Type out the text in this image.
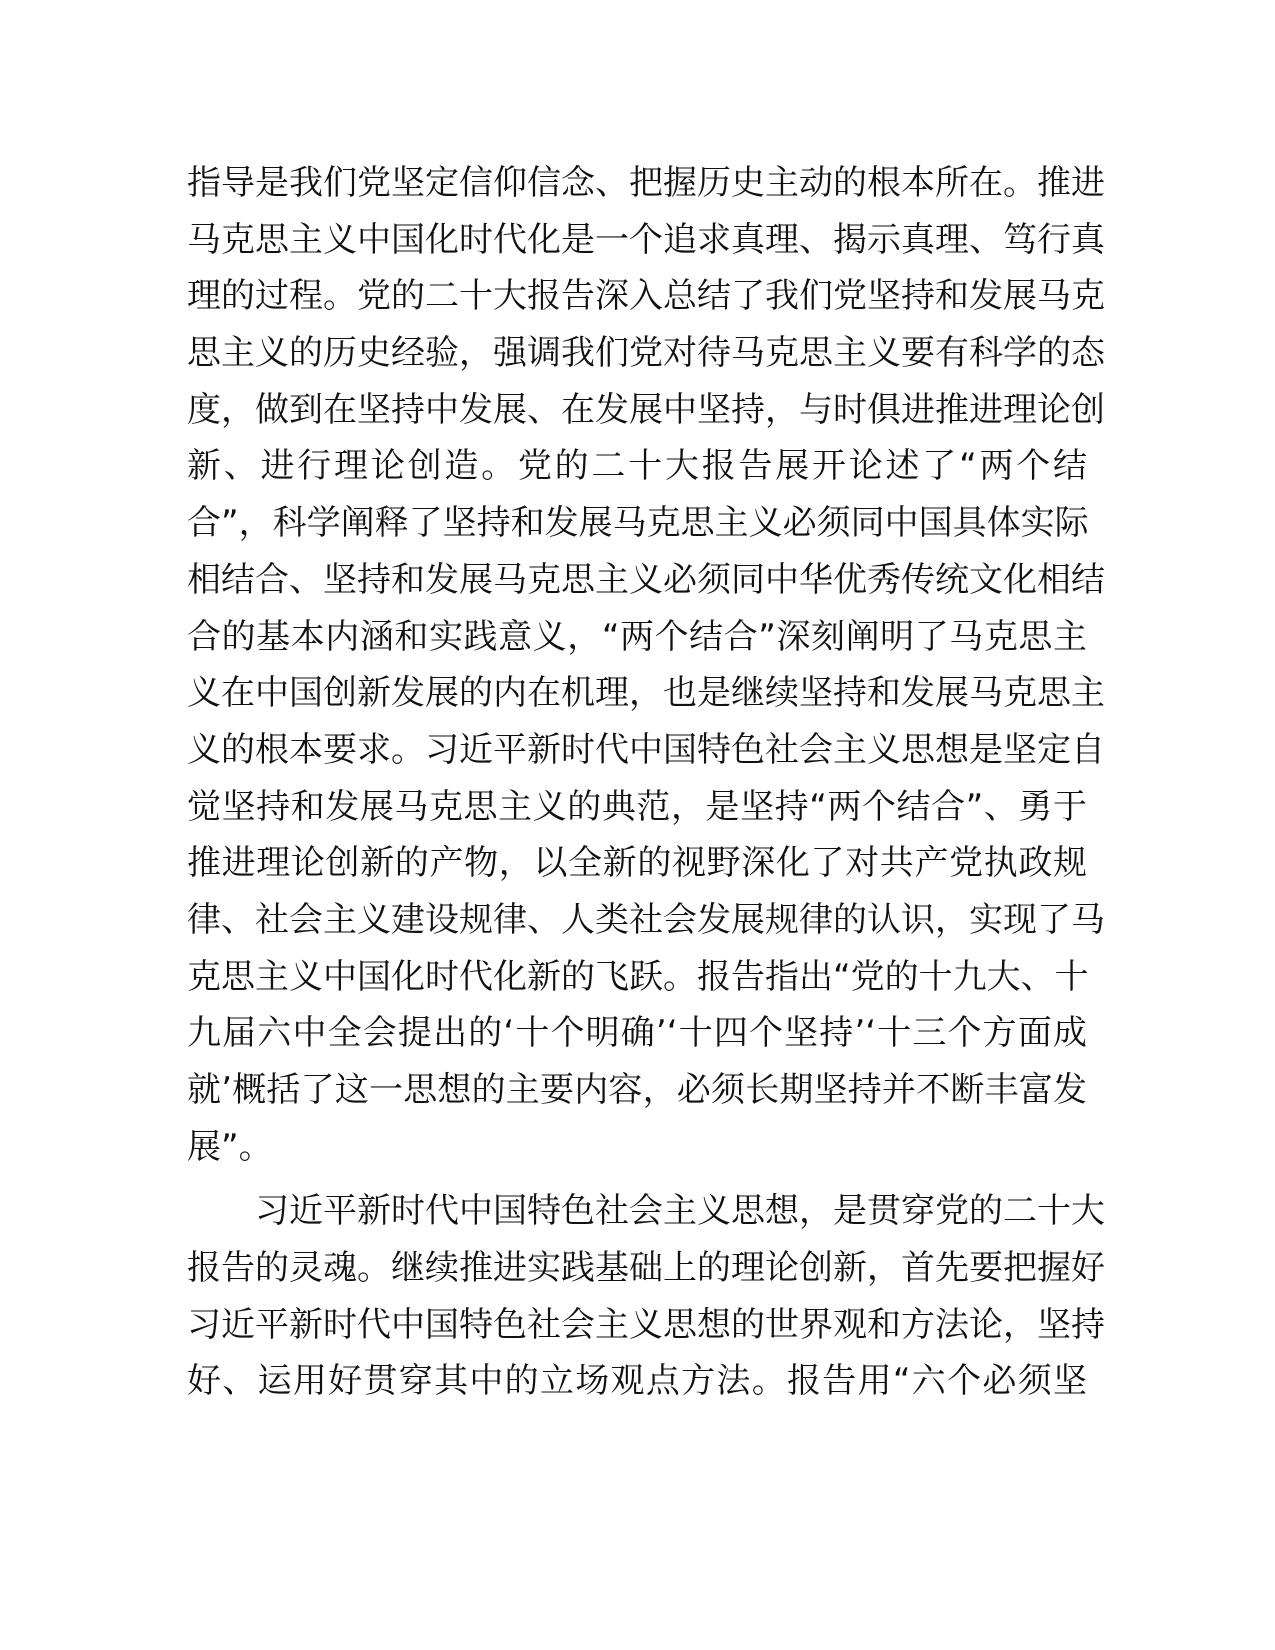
指导是我们党坚定信仰信念、把握历史主动的根本所在。推进
马克思主义中国化时代化是一个追求真理、揭示真理、笃行真
理的过程。党的二十大报告深入总结了我们党坚持和发展马克
思主义的历史经验，强调我们党对待马克思主义要有科学的态
度，做到在坚持中发展、在发展中坚持，与时俱进推进理论创
新、进行理论创造。党的二十大报告展开论述了“两个结
合”，科学阐释了坚持和发展马克思主义必须同中国具体实际
相结合、坚持和发展马克思主义必须同中华优秀传统文化相结
合的基本内涵和实践意义，“两个结合”深刻阐明了马克思主
义在中国创新发展的内在机理，也是继续坚持和发展马克思主
义的根本要求。习近平新时代中国特色社会主义思想是坚定自
觉坚持和发展马克思主义的典范，是坚持“两个结合”、勇于
推进理论创新的产物，以全新的视野深化了对共产党执政规
律、社会主义建设规律、人类社会发展规律的认识，实现了马
克思主义中国化时代化新的飞跃。报告指出“党的十九大、十
九届六中全会提出的‘十个明确’‘十四个坚持’‘十三个方面成
就’概括了这一思想的主要内容，必须长期坚持并不断丰富发
展”。
　　习近平新时代中国特色社会主义思想，是贯穿党的二十大
报告的灵魂。继续推进实践基础上的理论创新，首先要把握好
习近平新时代中国特色社会主义思想的世界观和方法论，坚持
好、运用好贯穿其中的立场观点方法。报告用“六个必须坚
